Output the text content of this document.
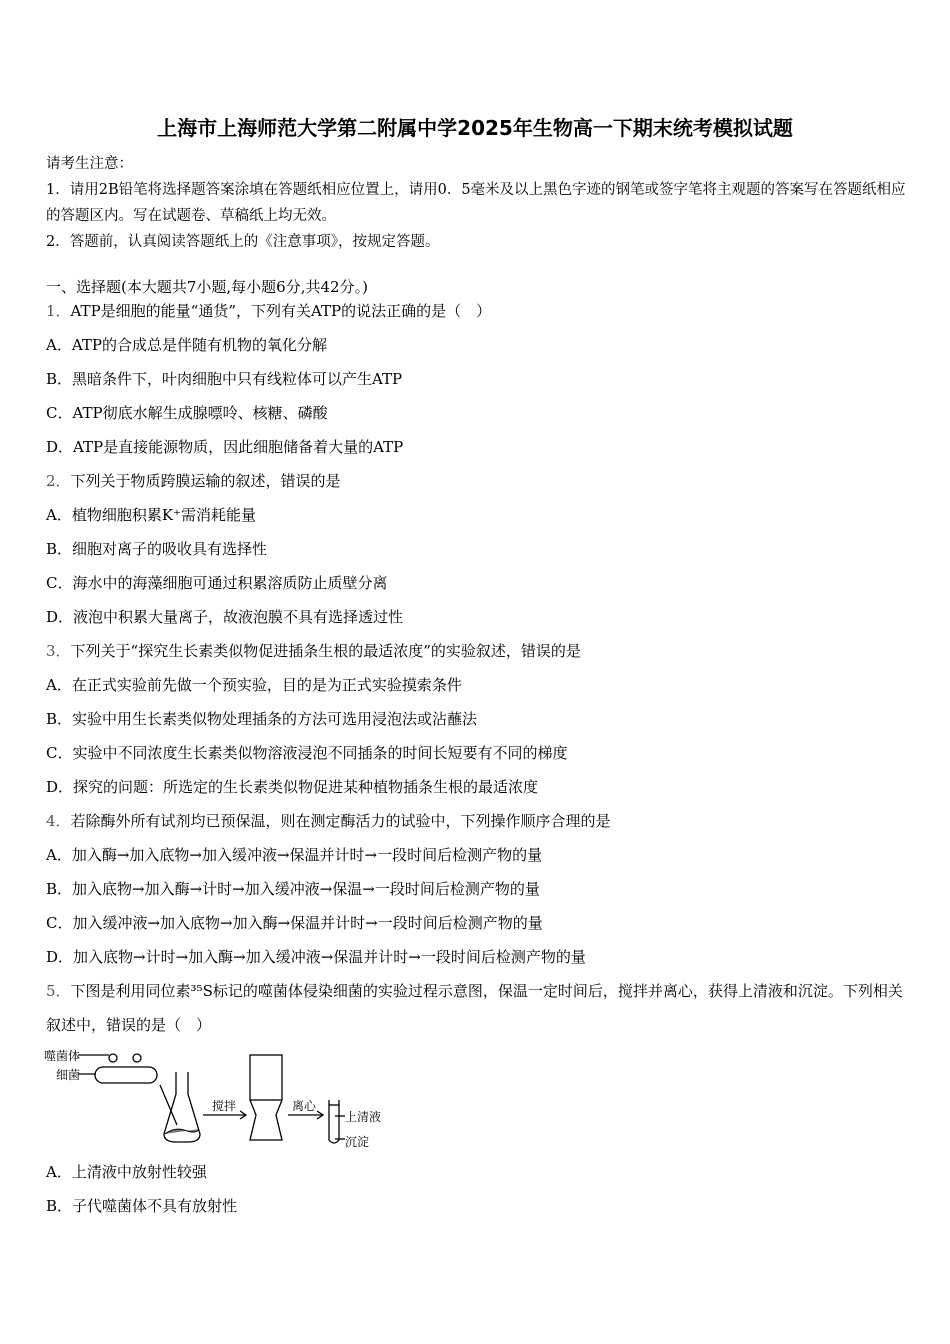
上海市上海师范大学第二附属中学2025年生物高一下期末统考模拟试题
请考生注意：
1．请用2B铅笔将选择题答案涂填在答题纸相应位置上，请用0．5毫米及以上黑色字迹的钢笔或签字笔将主观题的答案写在答题纸相应的答题区内。写在试题卷、草稿纸上均无效。
2．答题前，认真阅读答题纸上的《注意事项》，按规定答题。
一、选择题(本大题共7小题,每小题6分,共42分。)
噬菌体
细菌
搅拌	离心
上清液
沉淀
1．ATP是细胞的能量“通货”，下列有关ATP的说法正确的是（　）
A．ATP的合成总是伴随有机物的氧化分解
B．黑暗条件下，叶肉细胞中只有线粒体可以产生ATP
C．ATP彻底水解生成腺嘌呤、核糖、磷酸
D．ATP是直接能源物质，因此细胞储备着大量的ATP
2．下列关于物质跨膜运输的叙述，错误的是
A．植物细胞积累K⁺需消耗能量
B．细胞对离子的吸收具有选择性
C．海水中的海藻细胞可通过积累溶质防止质壁分离
D．液泡中积累大量离子，故液泡膜不具有选择透过性
3．下列关于“探究生长素类似物促进插条生根的最适浓度”的实验叙述，错误的是
A．在正式实验前先做一个预实验，目的是为正式实验摸索条件
B．实验中用生长素类似物处理插条的方法可选用浸泡法或沾蘸法
C．实验中不同浓度生长素类似物溶液浸泡不同插条的时间长短要有不同的梯度
D．探究的问题：所选定的生长素类似物促进某种植物插条生根的最适浓度
4．若除酶外所有试剂均已预保温，则在测定酶活力的试验中，下列操作顺序合理的是
A．加入酶→加入底物→加入缓冲液→保温并计时→一段时间后检测产物的量
B．加入底物→加入酶→计时→加入缓冲液→保温→一段时间后检测产物的量
C．加入缓冲液→加入底物→加入酶→保温并计时→一段时间后检测产物的量
D．加入底物→计时→加入酶→加入缓冲液→保温并计时→一段时间后检测产物的量
5．下图是利用同位素³⁵S标记的噬菌体侵染细菌的实验过程示意图，保温一定时间后，搅拌并离心，获得上清液和沉淀。下列相关叙述中，错误的是（　）
A．上清液中放射性较强
B．子代噬菌体不具有放射性
